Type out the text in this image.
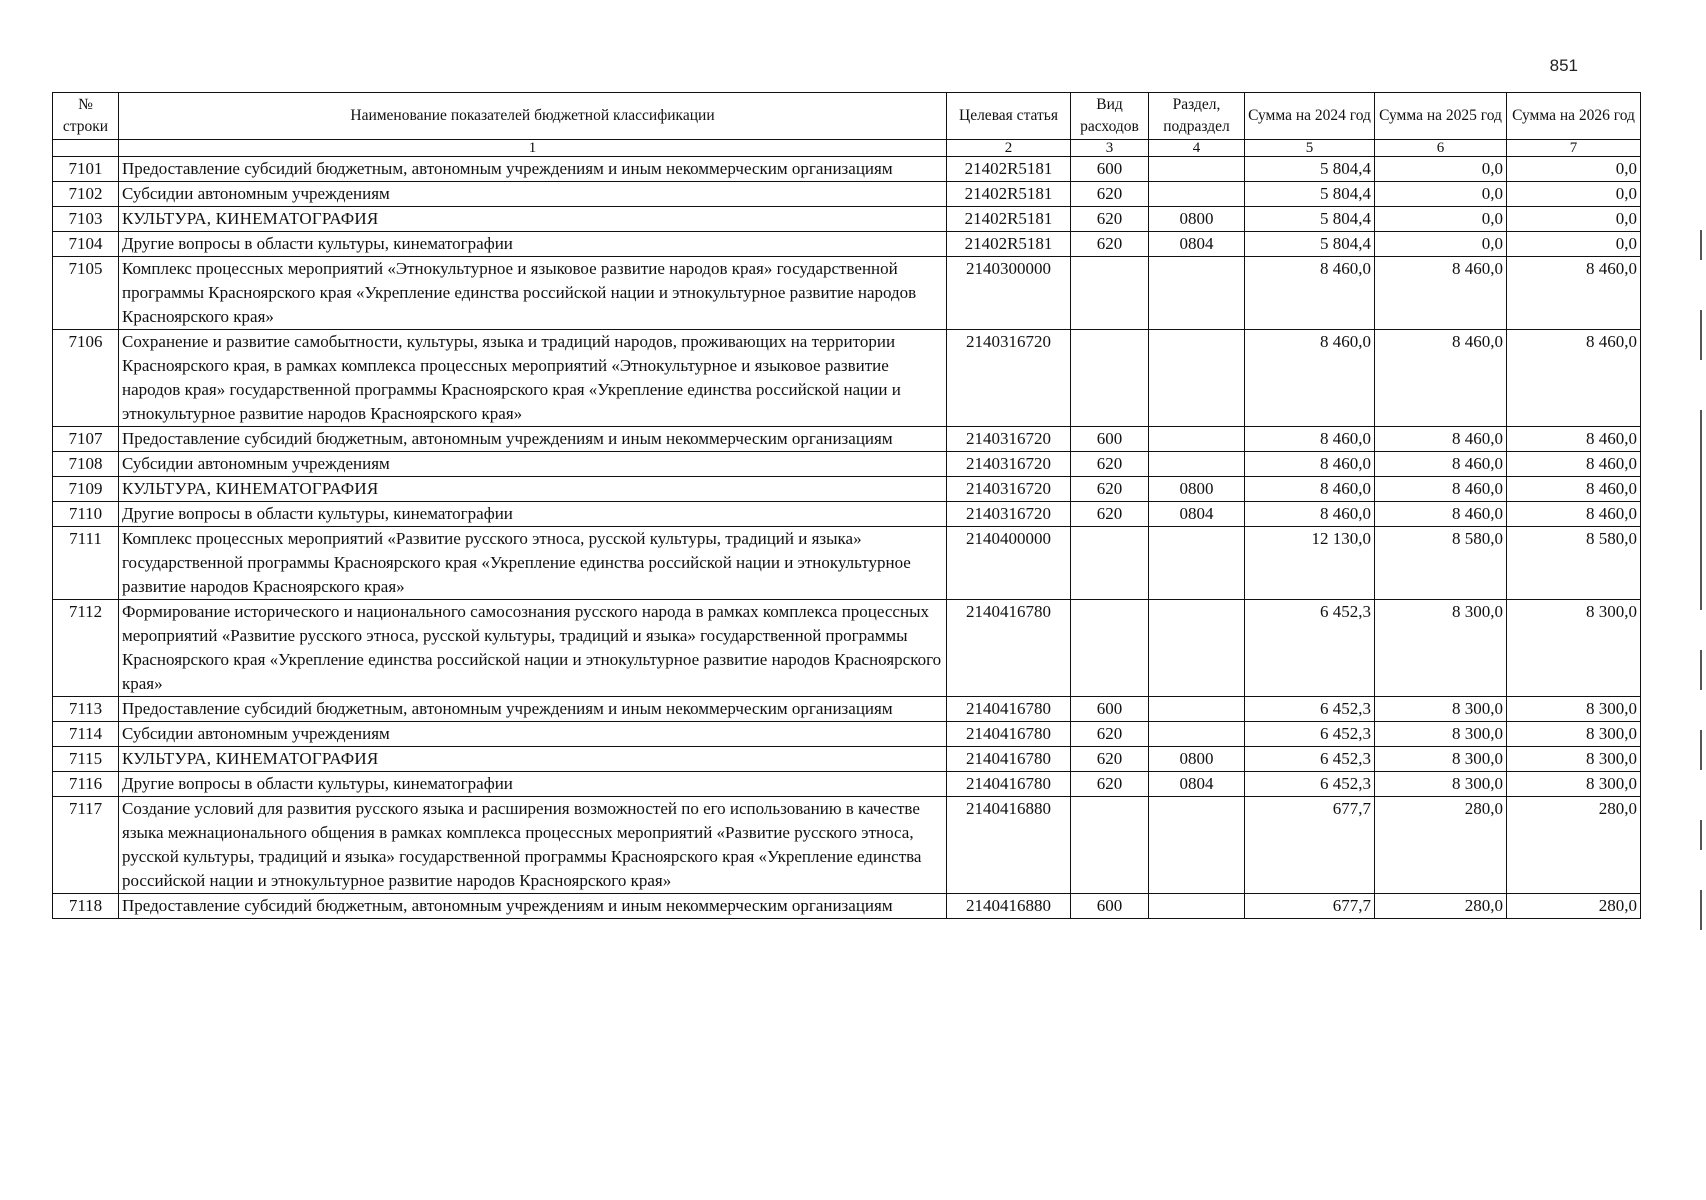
851
№ строки	Наименование показателей бюджетной классификации	Целевая статья	Вид расходов	Раздел, подраздел	Сумма на 2024 год	Сумма на 2025 год	Сумма на 2026 год
	1	2	3	4	5	6	7
7101	Предоставление субсидий бюджетным, автономным учреждениям и иным некоммерческим организациям	21402R5181	600		5 804,4	0,0	0,0
7102	Субсидии автономным учреждениям	21402R5181	620		5 804,4	0,0	0,0
7103	КУЛЬТУРА, КИНЕМАТОГРАФИЯ	21402R5181	620	0800	5 804,4	0,0	0,0
7104	Другие вопросы в области культуры, кинематографии	21402R5181	620	0804	5 804,4	0,0	0,0
7105	Комплекс процессных мероприятий «Этнокультурное и языковое развитие народов края» государственной программы Красноярского края «Укрепление единства российской нации и этнокультурное развитие народов Красноярского края»	2140300000			8 460,0	8 460,0	8 460,0
7106	Сохранение и развитие самобытности, культуры, языка и традиций народов, проживающих на территории Красноярского края, в рамках комплекса процессных мероприятий «Этнокультурное и языковое развитие народов края» государственной программы Красноярского края «Укрепление единства российской нации и этнокультурное развитие народов Красноярского края»	2140316720			8 460,0	8 460,0	8 460,0
7107	Предоставление субсидий бюджетным, автономным учреждениям и иным некоммерческим организациям	2140316720	600		8 460,0	8 460,0	8 460,0
7108	Субсидии автономным учреждениям	2140316720	620		8 460,0	8 460,0	8 460,0
7109	КУЛЬТУРА, КИНЕМАТОГРАФИЯ	2140316720	620	0800	8 460,0	8 460,0	8 460,0
7110	Другие вопросы в области культуры, кинематографии	2140316720	620	0804	8 460,0	8 460,0	8 460,0
7111	Комплекс процессных мероприятий «Развитие русского этноса, русской культуры, традиций и языка» государственной программы Красноярского края «Укрепление единства российской нации и этнокультурное развитие народов Красноярского края»	2140400000			12 130,0	8 580,0	8 580,0
7112	Формирование исторического и национального самосознания русского народа в рамках комплекса процессных мероприятий «Развитие русского этноса, русской культуры, традиций и языка» государственной программы Красноярского края «Укрепление единства российской нации и этнокультурное развитие народов Красноярского края»	2140416780			6 452,3	8 300,0	8 300,0
7113	Предоставление субсидий бюджетным, автономным учреждениям и иным некоммерческим организациям	2140416780	600		6 452,3	8 300,0	8 300,0
7114	Субсидии автономным учреждениям	2140416780	620		6 452,3	8 300,0	8 300,0
7115	КУЛЬТУРА, КИНЕМАТОГРАФИЯ	2140416780	620	0800	6 452,3	8 300,0	8 300,0
7116	Другие вопросы в области культуры, кинематографии	2140416780	620	0804	6 452,3	8 300,0	8 300,0
7117	Создание условий для развития русского языка и расширения возможностей по его использованию в качестве языка межнационального общения в рамках комплекса процессных мероприятий «Развитие русского этноса, русской культуры, традиций и языка» государственной программы Красноярского края «Укрепление единства российской нации и этнокультурное развитие народов Красноярского края»	2140416880			677,7	280,0	280,0
7118	Предоставление субсидий бюджетным, автономным учреждениям и иным некоммерческим организациям	2140416880	600		677,7	280,0	280,0
